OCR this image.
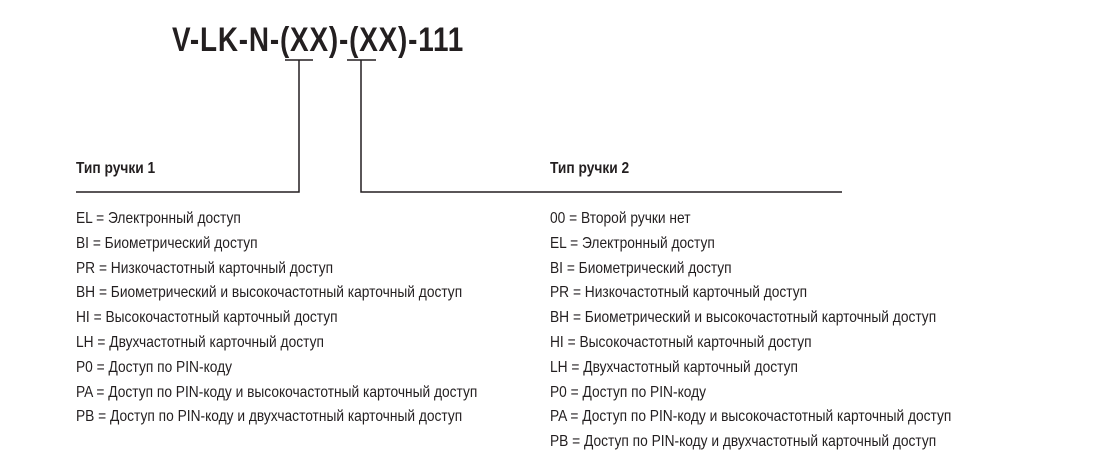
V-LK-N-(XX)-(XX)-111
Тип ручки 1	Тип ручки 2
EL = Электронный доступ
BI = Биометрический доступ
PR = Низкочастотный карточный доступ
BH = Биометрический и высокочастотный карточный доступ
HI = Высокочастотный карточный доступ
LH = Двухчастотный карточный доступ
P0 = Доступ по PIN-коду
PA = Доступ по PIN-коду и высокочастотный карточный доступ
PB = Доступ по PIN-коду и двухчастотный карточный доступ
00 = Второй ручки нет
EL = Электронный доступ
BI = Биометрический доступ
PR = Низкочастотный карточный доступ
BH = Биометрический и высокочастотный карточный доступ
HI = Высокочастотный карточный доступ
LH = Двухчастотный карточный доступ
P0 = Доступ по PIN-коду
PA = Доступ по PIN-коду и высокочастотный карточный доступ
PB = Доступ по PIN-коду и двухчастотный карточный доступ
